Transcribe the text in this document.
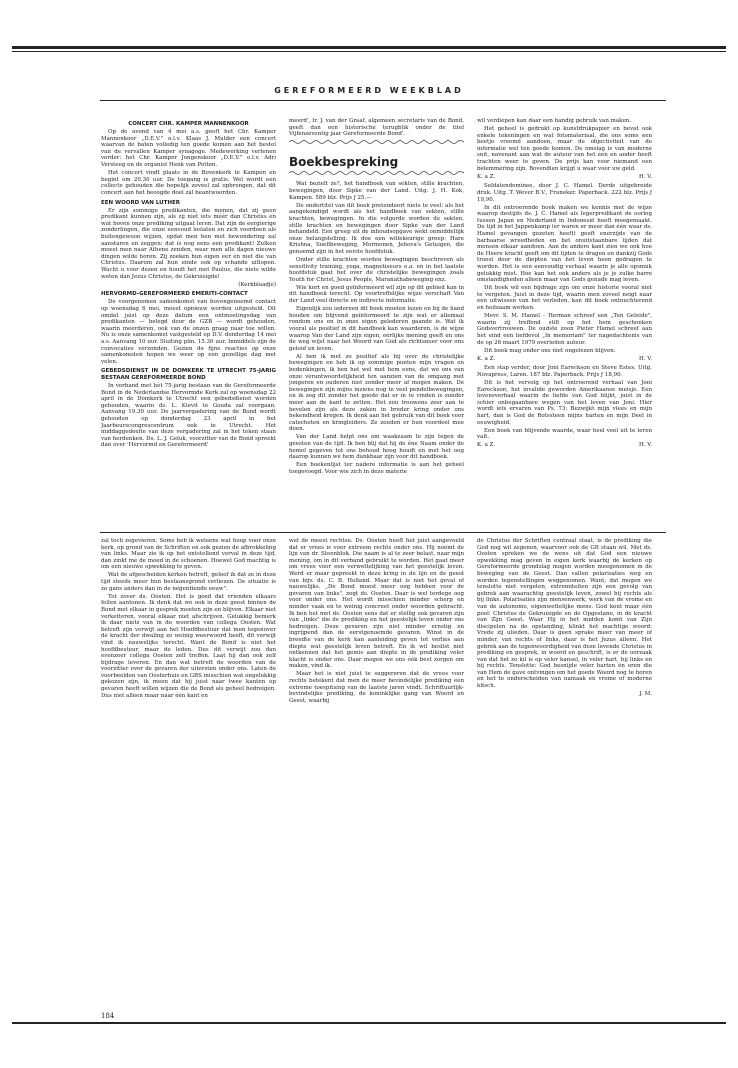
GEREFORMEERD WEEKBLAD
CONCERT CHR. KAMPER MANNENKOOR

Op de avond van 4 mei a.s. geeft het Chr. Kamper Mannenkoor „D.E.V." o.l.v. Klaas J. Mulder een concert waarvan de baten volledig ten goede komen aan het bestel van de vervallen Kamper synagoge. Medewerking verlenen verder: het Chr. Kamper Jongenskoor „D.E.V." o.l.v. Adri Versteeg en de organist Henk van Potten.

Het concert vindt plaats in de Bovenkerk te Kampen en begint om 20.30 uur. De toegang is gratis. Wel wordt een collecte gehouden die hopelijk zoveel zal opbrengen, dat dit concert aan het beoogde doel zal beantwoorden.

EEN WOORD VAN LUTHER

Er zijn sommige predikanten, die menen, dat zij geen predikant kunnen zijn, als zij niet iets méér dan Christus en wat boven onze prediking uitgaat leren. Dat zijn de eergierige zonderlingen, die onze eenvoud loslaten en zich voordoen als buitengewoon wijzen, opdat men hen met bewondering zal aanstaren en zeggen: dat is nog eens een predikant! Zulken moest men naar Athene zenden, waar men alle dagen nieuwe dingen wilde horen. Zij zoeken hun eigen eer en niet die van Christus. Daarom zal hun einde ook op schande uitlopen. Wacht u voor dezen en houdt het met Paulus, die niets wilde weten dan Jezus Christus, de Gekruisigde!

(Kerkblaadje)
HERVORMD-GEREFORMEERD EMERITI-CONTACT

De voorgenomen samenkomst van bovengenoemd contact op woensdag 6 mei, moest opnieuw worden uitgesteld. Dit omdat juist op deze datum een ontmoetingsdag van predikanten — belegd door de GZB — wordt gehouden, waarin meerderen, ook van de onzen graag naar toe willen. Nu is onze samenkomst vastgesteld op D.V. donderdag 14 mei a.s. Aanvang 10 uur. Sluiting plm. 15.30 uur. Inmiddels zijn de convocaties verzonden. Gezien de fijne reacties op onze samenkomsten hopen we weer op een gezellige dag met velen.

GEBEDSDIENST IN DE DOMKERK TE UTRECHT 75-JARIG BESTAAN GEREFORMEERDE BOND

In verband met het 75-jarig bestaan van de Gereformeerde Bond in de Nederlandse Hervormde Kerk zal op woensdag 22 april in de Domkerk te Utrecht een gebedsdienst worden gehouden, waarin ds. L. Kievit te Gouda zal voorgaan. Aanvang 19.30 uur. De jaarvergadering van de Bond wordt gehouden op donderdag 23 april in het Jaarbeurscongrescentrum ook te Utrecht. Het middaggedeelte van deze vergadering zal in het teken staan van herdenken. Ds. L. J. Geluk, voorzitter van de Bond spreekt dan over 'Hervormd en Gereformeerd'

meerd', Ir. J. van der Graaf, algemeen secretaris van de Bond, geeft dan een historische terugblik onder de titel Vijfenzeventig jaar Gereformeerde Bond'.

Boekbespreking

Wat bezielt ze?, het handboek van sekten, stille krachten, bewegingen, door Sipke van der Land. Uitg. J. H. Kok, Kampen. 589 blz. Prijs ƒ 25.—

De ondertitel van dit boek pretendeert niets te veel: als het aangekondigd wordt als het handboek van sekten, stille krachten, bewegingen. In die volgorde worden de sekten, stille krachten en bewegingen door Sipke van der Land behandeld. Een greep uit de inhoudsopgave wekt onmiddellijk onze belangstelling. Ik doe een willekeurige greep: Hare Krishna, Soefibeweging, Mormonen, Jehova's Getuigen, die genoemd zijn in het eerste hoofdstuk.

Onder stille krachten worden bewegingen beschreven als sensitivity training, yoga, magnetiseurs e.a. en in het laatste hoofdstuk gaat het over de christelijke bewegingen zoals Youth for Christ, Jesus People, Maranathabeweging enz.

Wie kort en goed geïnformeerd wil zijn op dit gebied kan in dit handboek terecht. Op voortreffelijke wijze verschaft Van der Land veel directe en indirecte informatie.

Eigenlijk zou iedereen dit boek moeten lezen en bij de hand houden om blijvend geïnformeerd te zijn wat er allemaal rondom ons en in onze eigen gelederen gaande is. Wat ik vooral als positief in dit handboek kan waarderen, is de wijze waarop Van der Land zijn eigen, eerlijke mening geeft en ons de weg wijst naar het Woord van God als richtsnoer voor ons geloof en leven.

Al ben ik met zo positief als bij over de christelijke bewegingen en heb ik op sommige punten mijn vragen en bedenkingen, ik ben het wel met hem eens, dat we ons van onze verantwoordelijkheid ten aanzien van de omgang met jongeren en ouderen niet zonder meer af mogen maken. De bewegingen zijn mijns inziens nog te veel pendelbewegingen, en ik zeg dit zonder het goede dat er in te vinden is zonder meer aan de kant te zetten. Het zou trouwens zeer aan te bevelen zijn als deze zaken in breder kring onder ons bekendheid kregen. Ik denk aan het gebruik van dit boek voor catecheten en kringleiders. Ze zouden er hun voordeel mee doen.

Van der Land helpt ons om waakzaam te zijn tegen de geesten van de tijd. Ik ben blij dat hij de éne Naam onder de hemel gegeven tot ons behoud hoog houdt en met het oog daarop kunnen we hem dankbaar zijn voor dit handboek.

Een boekenlijst ter nadere informatie is aan het geheel toegevoegd. Voor wie zich in deze materie

wil verdiepen kan daar een handig gebruik van maken.

Het geheel is gedrukt op kunstdrukpapier en bevat ook enkele tekeningen en wat fotomateriaal, die ons soms een beetje vreemd aandoen, maar de objectiviteit van de informatie wel ten goede komen. De omslag is van moderne snit, navenant aan wat de auteur van het één en ander heeft trachten weer te geven. De prijs kan voor niemand een belemmering zijn. Bovendien krijgt u waar voor uw geld.

K. a Z.	H. V.

Soldatendominee, door J. C. Hamel. Derde uitgebreide druk. Uitg. T. Wever B.V., Franeker. Paperback. 222 blz. Prijs ƒ 19,90.

In dit ontroerende boek maken we kennis met de wijze waarop destijds ds. J. C. Hamel als legerpredikant de oorlog tussen Japan en Nederland in Indonesië heeft meegemaakt. De tijd in het Jappenkamp (er waren er meer dan één waar ds. Hamel gevangen gezeten heeft) geeft enerzijds van de barbaarse wreedheden en het onuitstaanbare lijden dat mensen elkaar aandoen. Aan de andere kant zien we ook hoe de Heere kracht geeft om dit lijden te dragen en dankzij Gods troost door de diepten van het leven heen gedragen te worden. Het is een eenvoudig verhaal waarin je alle opsmuk gelukkig mist. Hoe kan het ook anders als je je zulke barre omstandigheden alleen maar van Gods genade mag leven.

Dit boek wil een bijdrage zijn om onze historie vooral niet te vergeten. Juist in deze tijd, waarin men zoveel neigt naar een uitwissen van het verleden, kan dit boek ontnuchterend en heilzaam werken.

Mevr. S. M. Hamel - Herman schreef een „Ten Geleide", waarin zij treffend stilt op het hem geschonken Godsvertrouwen. De oudste zoon Pieter Hamel schreef aan het eind een liefdevol „In memoriam" ter nagedachtenis van de op 26 maart 1979 overleden auteur.

Dit boek mag onder ons niet ongelezen blijven.

K. a Z.	H. V.

Een stap verder, door Joni Eareckson en Steve Estes. Uitg. Novapress, Laren. 187 blz. Paperback. Prijs ƒ 18,90.

Dit is het vervolg op het ontroerend verhaal van Joni Eareckson, het invalide geworden Amerikaanse meisje. Een levensverhaal waarin de liefde van God blijkt, juist in de schier onbegaanbare wegen van het leven van Joni. Hier wordt iets ervaren van Ps. 73: Bezwijkt mijn vlees en mijn hart, dan is God de Rotssteen mijns harten en mijn Deel in eeuwigheid.

Een boek van blijvende waarde, waar heel veel uit te leren valt.

K. a Z.	H. V.

zal toch zegevieren. Soms heb ik weleens wat hoop voor onze kerk, op grond van de Schriften en ook gezien de afbrokkeling van links. Maar zie ik op het ontstellend verval in deze tijd, dan zinkt me de moed in de schoenen. Hoewel God machtig is om een nieuwe opwekking te geven.

Wat de afgescheiden kerken betreft, geloof ik dat ze in deze tijd steeds meer hun bestaansgrond verliezen. De situatie is zo gans anders dan in de negentiende eeuw".

Tot zover ds. Oosten. Het is goed dat vrienden elkaars feilen aantonen. Ik denk dat we ook in deze geest binnen de Bond met elkaar in gesprek moeten zijn en blijven. Elkaar niet verketteren, vooral elkaar niet afschrijven. Gelukkig bemerk ik daar niets van in de woorden van collega Oosten. Wat betreft zijn verwijt aan het Hoofdbestuur dat men tegenover de kracht der dwaling zo weinig weerwoord heeft, dit verwijt vind ik nauwelijks terecht. Want de Bond is niet het hoofdbestuur, maar de leden. Dus dit verwijt zou dan evenzeer collega Oosten zelf treffen. Laat hij dan ook zelf bijdrage leveren. En dan wat betreft de woorden van de voorzitter over de gevaren der uitersten onder ons. Laten de voorbeelden van Oosterhuis en GBS misschien wat ongelukkig gekozen zijn, ik meen dat hij juist naar twee kanten op gevaren heeft willen wijzen die de Bond als geheel bedreigen. Dus niet alleen maar naar één kant en

wel de meest rechtse. Ds. Oosten heeft het juist aangevoeld dat er vrees is voor extreem rechts onder ons. Hij noemt de lijn van dr. Steenblok. Die naam is al te zeer belast, naar mijn mening, om in dit verband gebruikt te worden. Het gaat meer om vrees voor een verwettelijking van het geestelijk leven. Werd er maar gepreekt in deze kring in de lijn en de geest van bijv. ds. C. B. Holland. Maar dat is niet het geval of nauwelijks. „De Bond moest meer oog hebben voor de gevaren van links", zegt ds. Oosten. Daar is wel terdege oog voor onder ons. Het wordt misschien minder scherp en minder vaak en te weinig concreet onder woorden gebracht. Ik ben het met ds. Oosten eens dat er stellig ook gevaren zijn van „links" die de prediking en het geestelijk leven onder ons bedreigen. Deze gevaren zijn niet minder ernstig en ingrijpend dan de eerstgenoemde gevaren. Winst in de breedte van de kerk kan aanleiding geven tot verlies aan diepte wat geestelijk leven betreft. En ik wil beslist niet ontkennen dat het gemis aan diepte in de prediking veler klacht is onder ons. Daar mogen we ons óók best zorgen om maken, vind ik.

Maar het is niet juist te suggereren dat de vrees voor rechts betekent dat men de meer bevindelijke prediking een extreme toespitsing van de laatste jaren vindt. Schriftuurlijk-bevindelijke prediking, de koninklijke gang van Woord en Geest, waarbij

de Christus der Schriften centraal staat, is de prediking die God nog wil zegenen, waarvoor ook de GB staan wil. Met ds. Oosten spreken we de wens uit dat God een nieuwe opwekking mag geven in eigen kerk waarbij de kerken op Gereformeerde grondslag mogen worden meegenomen in de beweging van de Geest. Dan vallen polarisaties weg en worden tegenstellingen weggenomen. Want, dat mogen we tenslotte niet vergeten, extremiteiten zijn een gevolg van gebrek aan waarachtig geestelijk leven, zowel bij rechts als bij links. Polarisaties zijn mensenwerk, werk van de vrome en van de autonome, eigenwettelijke mens. God kent maar één pool: Christus de Gekruisigde en de Opgestane, in de kracht van Zijn Geest. Waar Hij in het midden komt van Zijn discipelen na de opstanding, klinkt het machtige woord: Vrede zij ulieden. Daar is geen sprake meer van meer of minder, van rechts of links, daar is het Jezus alleen. Het gebrek aan de tegenwoordigheid van deze levende Christus in prediking en gesprek, in woord en geschrift, is er de oorzaak van dat het zo kil is op veler kansel, in veler hart, bij links en bij rechts. Tenslotte: God besnijde veler harten én oren die van Hem de gave ontvingen om het goede Woord nog te horen en het te onderscheiden van namaak en vrome of moderne kitsch.

J. M.
184
